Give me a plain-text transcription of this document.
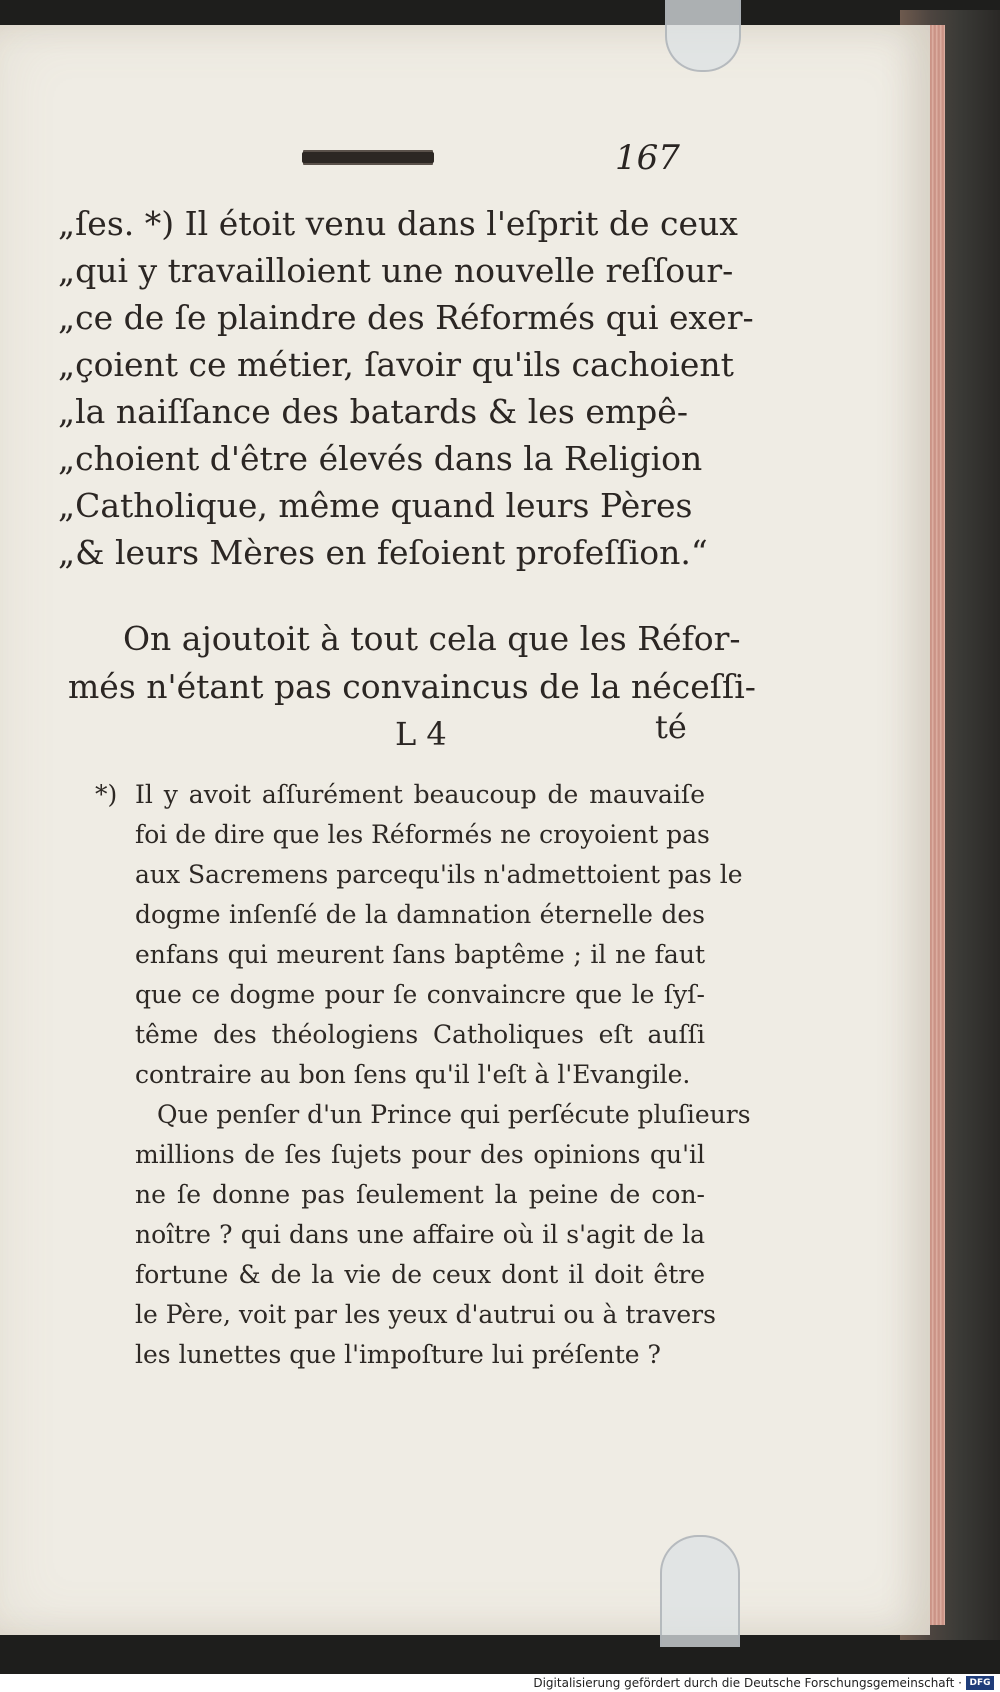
167
„ſes. *) Il étoit venu dans l'eſprit de ceux
„qui y travailloient une nouvelle reſſour-
„ce de ſe plaindre des Réformés qui exer-
„çoient ce métier, ſavoir qu'ils cachoient
„la naiſſance des batards & les empê-
„choient d'être élevés dans la Religion
„Catholique, même quand leurs Pères
„& leurs Mères en feſoient profeſſion.“
On ajoutoit à tout cela que les Réfor-
més n'étant pas convaincus de la néceſſi-
L 4	té
*) Il y avoit aſſurément beaucoup de mauvaiſe
foi de dire que les Réformés ne croyoient pas
aux Sacremens parcequ'ils n'admettoient pas le
dogme inſenſé de la damnation éternelle des
enfans qui meurent ſans baptême ; il ne faut
que ce dogme pour ſe convaincre que le ſyſ-
tême des théologiens Catholiques eſt auſſi
contraire au bon ſens qu'il l'eſt à l'Evangile.
Que penſer d'un Prince qui perſécute pluſieurs
millions de ſes ſujets pour des opinions qu'il
ne ſe donne pas ſeulement la peine de con-
noître ? qui dans une affaire où il s'agit de la
fortune & de la vie de ceux dont il doit être
le Père, voit par les yeux d'autrui ou à travers
les lunettes que l'impoſture lui préſente ?
Digitalisierung gefördert durch die Deutsche Forschungsgemeinschaft · DFG
